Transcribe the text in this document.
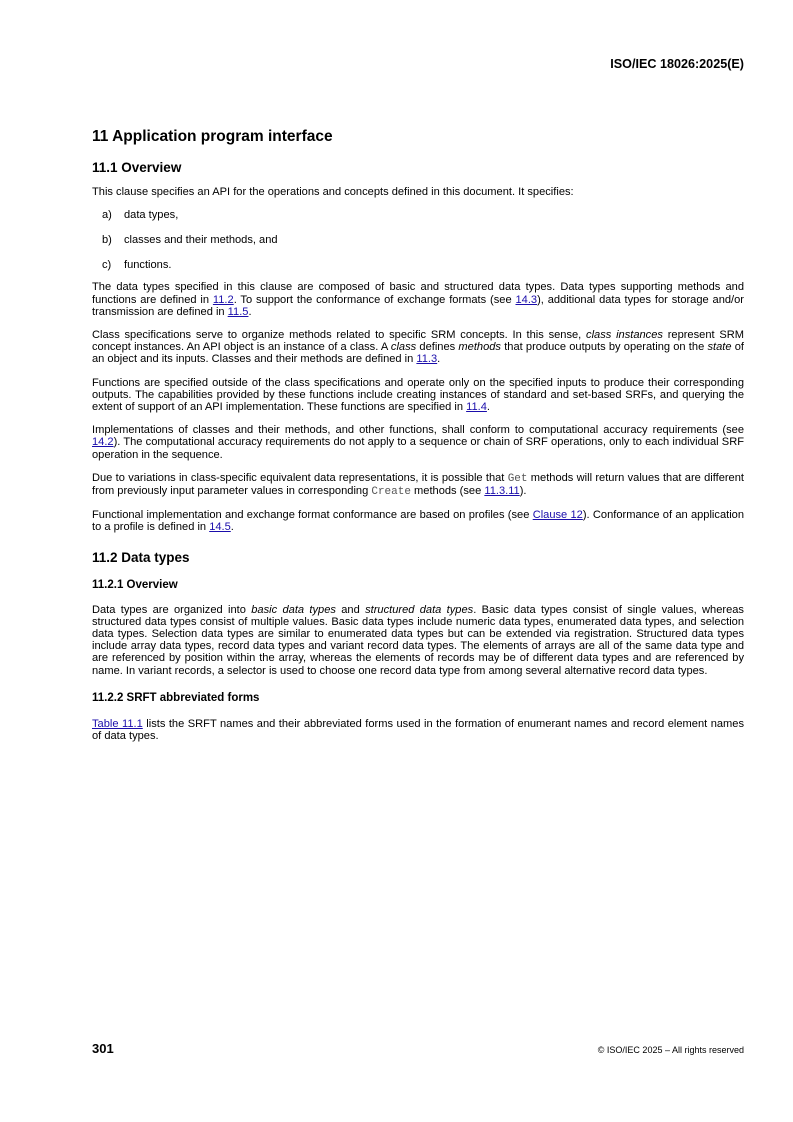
ISO/IEC 18026:2025(E)
11 Application program interface
11.1 Overview

This clause specifies an API for the operations and concepts defined in this document. It specifies:

a) data types,
b) classes and their methods, and
c) functions.

The data types specified in this clause are composed of basic and structured data types. Data types supporting methods and functions are defined in 11.2. To support the conformance of exchange formats (see 14.3), additional data types for storage and/or transmission are defined in 11.5.

Class specifications serve to organize methods related to specific SRM concepts. In this sense, class instances represent SRM concept instances. An API object is an instance of a class. A class defines methods that produce outputs by operating on the state of an object and its inputs. Classes and their methods are defined in 11.3.

Functions are specified outside of the class specifications and operate only on the specified inputs to produce their corresponding outputs. The capabilities provided by these functions include creating instances of standard and set-based SRFs, and querying the extent of support of an API implementation. These functions are specified in 11.4.

Implementations of classes and their methods, and other functions, shall conform to computational accuracy requirements (see 14.2). The computational accuracy requirements do not apply to a sequence or chain of SRF operations, only to each individual SRF operation in the sequence.

Due to variations in class-specific equivalent data representations, it is possible that Get methods will return values that are different from previously input parameter values in corresponding Create methods (see 11.3.11).

Functional implementation and exchange format conformance are based on profiles (see Clause 12). Conformance of an application to a profile is defined in 14.5.

11.2 Data types
11.2.1 Overview

Data types are organized into basic data types and structured data types. Basic data types consist of single values, whereas structured data types consist of multiple values. Basic data types include numeric data types, enumerated data types, and selection data types. Selection data types are similar to enumerated data types but can be extended via registration. Structured data types include array data types, record data types and variant record data types. The elements of arrays are all of the same data type and are referenced by position within the array, whereas the elements of records may be of different data types and are referenced by name. In variant records, a selector is used to choose one record data type from among several alternative record data types.

11.2.2 SRFT abbreviated forms

Table 11.1 lists the SRFT names and their abbreviated forms used in the formation of enumerant names and record element names of data types.

301	© ISO/IEC 2025 – All rights reserved
